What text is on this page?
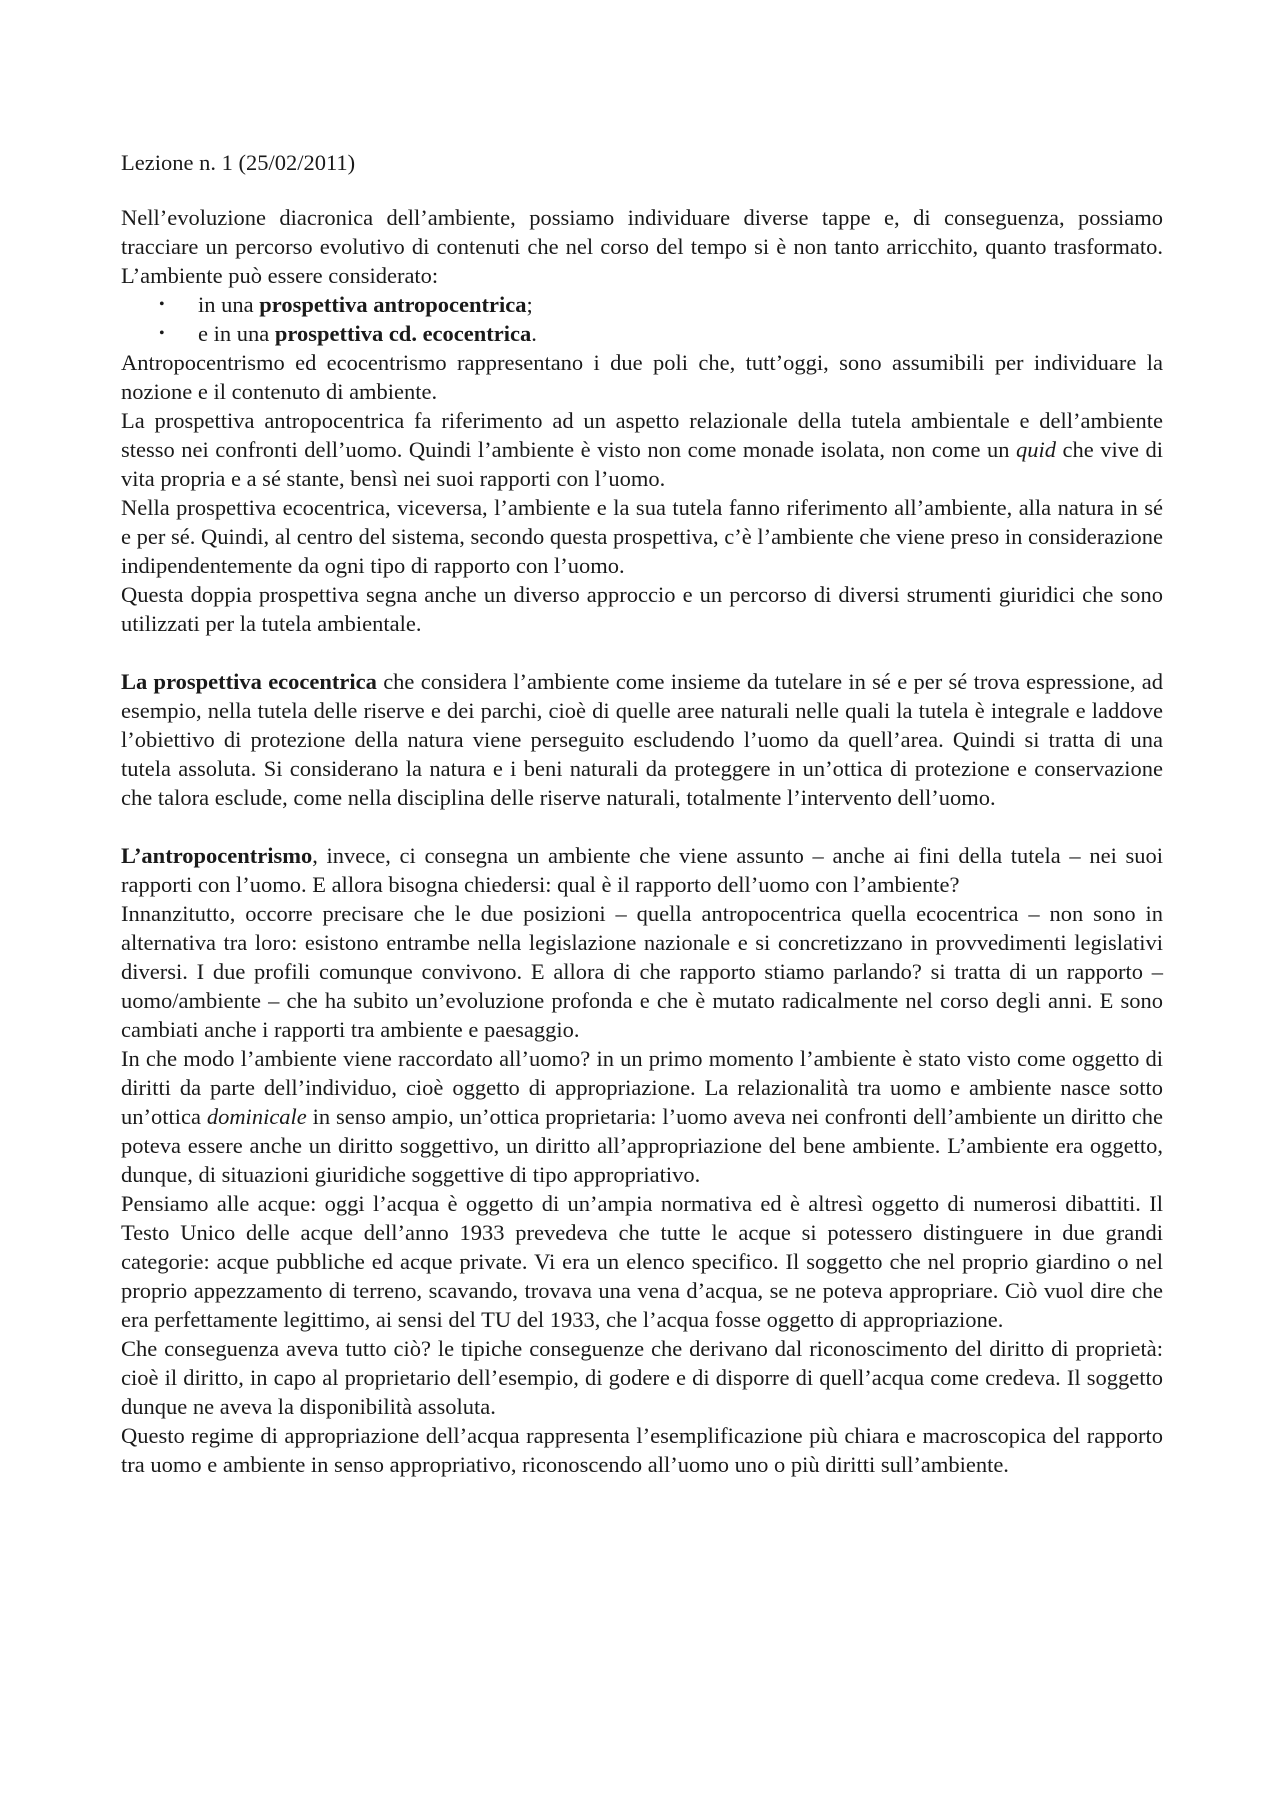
Lezione n. 1 (25/02/2011)

Nell’evoluzione diacronica dell’ambiente, possiamo individuare diverse tappe e, di conseguenza, possiamo tracciare un percorso evolutivo di contenuti che nel corso del tempo si è non tanto arricchito, quanto trasformato. L’ambiente può essere considerato:

• in una prospettiva antropocentrica;
• e in una prospettiva cd. ecocentrica.

Antropocentrismo ed ecocentrismo rappresentano i due poli che, tutt’oggi, sono assumibili per individuare la nozione e il contenuto di ambiente.

La prospettiva antropocentrica fa riferimento ad un aspetto relazionale della tutela ambientale e dell’ambiente stesso nei confronti dell’uomo. Quindi l’ambiente è visto non come monade isolata, non come un quid che vive di vita propria e a sé stante, bensì nei suoi rapporti con l’uomo.

Nella prospettiva ecocentrica, viceversa, l’ambiente e la sua tutela fanno riferimento all’ambiente, alla natura in sé e per sé. Quindi, al centro del sistema, secondo questa prospettiva, c’è l’ambiente che viene preso in considerazione indipendentemente da ogni tipo di rapporto con l’uomo.

Questa doppia prospettiva segna anche un diverso approccio e un percorso di diversi strumenti giuridici che sono utilizzati per la tutela ambientale.

La prospettiva ecocentrica che considera l’ambiente come insieme da tutelare in sé e per sé trova espressione, ad esempio, nella tutela delle riserve e dei parchi, cioè di quelle aree naturali nelle quali la tutela è integrale e laddove l’obiettivo di protezione della natura viene perseguito escludendo l’uomo da quell’area. Quindi si tratta di una tutela assoluta. Si considerano la natura e i beni naturali da proteggere in un’ottica di protezione e conservazione che talora esclude, come nella disciplina delle riserve naturali, totalmente l’intervento dell’uomo.

L’antropocentrismo, invece, ci consegna un ambiente che viene assunto – anche ai fini della tutela – nei suoi rapporti con l’uomo. E allora bisogna chiedersi: qual è il rapporto dell’uomo con l’ambiente?

Innanzitutto, occorre precisare che le due posizioni – quella antropocentrica quella ecocentrica – non sono in alternativa tra loro: esistono entrambe nella legislazione nazionale e si concretizzano in provvedimenti legislativi diversi. I due profili comunque convivono. E allora di che rapporto stiamo parlando? si tratta di un rapporto – uomo/ambiente – che ha subito un’evoluzione profonda e che è mutato radicalmente nel corso degli anni. E sono cambiati anche i rapporti tra ambiente e paesaggio.

In che modo l’ambiente viene raccordato all’uomo? in un primo momento l’ambiente è stato visto come oggetto di diritti da parte dell’individuo, cioè oggetto di appropriazione. La relazionalità tra uomo e ambiente nasce sotto un’ottica dominicale in senso ampio, un’ottica proprietaria: l’uomo aveva nei confronti dell’ambiente un diritto che poteva essere anche un diritto soggettivo, un diritto all’appropriazione del bene ambiente. L’ambiente era oggetto, dunque, di situazioni giuridiche soggettive di tipo appropriativo.

Pensiamo alle acque: oggi l’acqua è oggetto di un’ampia normativa ed è altresì oggetto di numerosi dibattiti. Il Testo Unico delle acque dell’anno 1933 prevedeva che tutte le acque si potessero distinguere in due grandi categorie: acque pubbliche ed acque private. Vi era un elenco specifico. Il soggetto che nel proprio giardino o nel proprio appezzamento di terreno, scavando, trovava una vena d’acqua, se ne poteva appropriare. Ciò vuol dire che era perfettamente legittimo, ai sensi del TU del 1933, che l’acqua fosse oggetto di appropriazione.

Che conseguenza aveva tutto ciò? le tipiche conseguenze che derivano dal riconoscimento del diritto di proprietà: cioè il diritto, in capo al proprietario dell’esempio, di godere e di disporre di quell’acqua come credeva. Il soggetto dunque ne aveva la disponibilità assoluta.

Questo regime di appropriazione dell’acqua rappresenta l’esemplificazione più chiara e macroscopica del rapporto tra uomo e ambiente in senso appropriativo, riconoscendo all’uomo uno o più diritti sull’ambiente.
